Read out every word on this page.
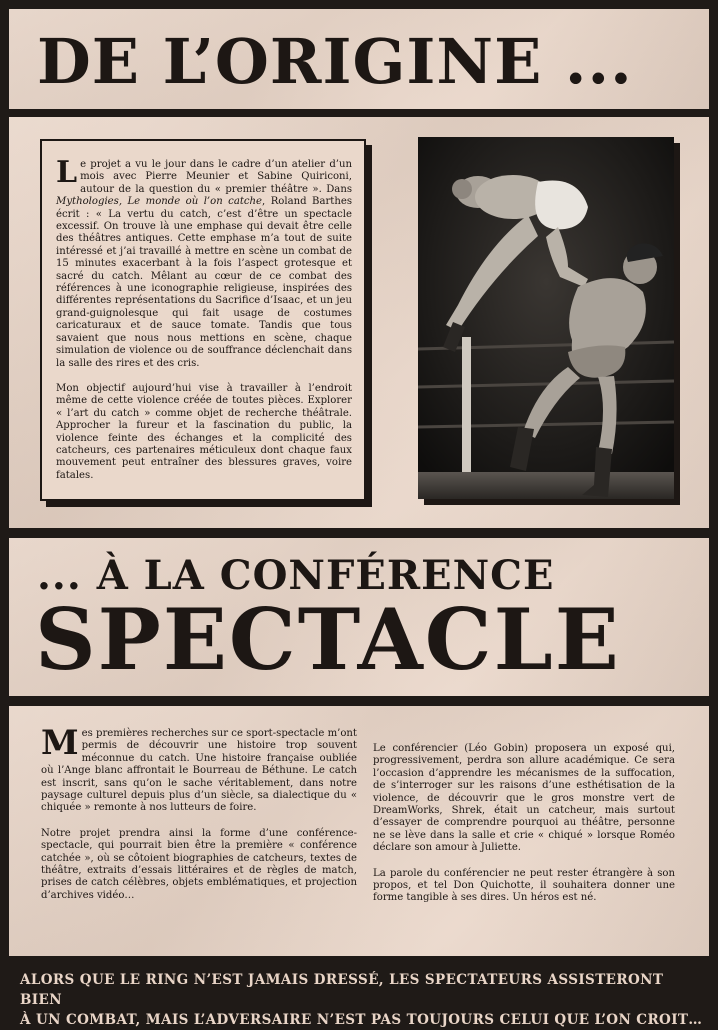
DE L’ORIGINE ...

Le projet a vu le jour dans le cadre d’un atelier d’un mois avec Pierre Meunier et Sabine Quiriconi, autour de la question du « premier théâtre ». Dans Mythologies, Le monde où l’on catche, Roland Barthes écrit : « La vertu du catch, c’est d’être un spectacle excessif. On trouve là une emphase qui devait être celle des théâtres antiques. Cette emphase m’a tout de suite intéressé et j’ai travaillé à mettre en scène un combat de 15 minutes exacerbant à la fois l’aspect grotesque et sacré du catch. Mêlant au cœur de ce combat des références à une iconographie religieuse, inspirées des différentes représentations du Sacrifice d’Isaac, et un jeu grand-guignolesque qui fait usage de costumes caricaturaux et de sauce tomate. Tandis que tous savaient que nous nous mettions en scène, chaque simulation de violence ou de souffrance déclenchait dans la salle des rires et des cris.

Mon objectif aujourd’hui vise à travailler à l’endroit même de cette violence créée de toutes pièces. Explorer « l’art du catch » comme objet de recherche théâtrale. Approcher la fureur et la fascination du public, la violence feinte des échanges et la complicité des catcheurs, ces partenaires méticuleux dont chaque faux mouvement peut entraîner des blessures graves, voire fatales.

... À LA CONFÉRENCE
SPECTACLE

Mes premières recherches sur ce sport-spectacle m’ont permis de découvrir une histoire trop souvent méconnue du catch. Une histoire française oubliée où l’Ange blanc affrontait le Bourreau de Béthune. Le catch est inscrit, sans qu’on le sache véritablement, dans notre paysage culturel depuis plus d’un siècle, sa dialectique du « chiquée » remonte à nos lutteurs de foire.

Notre projet prendra ainsi la forme d’une conférence-spectacle, qui pourrait bien être la première « conférence catchée », où se côtoient biographies de catcheurs, textes de théâtre, extraits d’essais littéraires et de règles de match, prises de catch célèbres, objets emblématiques, et projection d’archives vidéo…

Le conférencier (Léo Gobin) proposera un exposé qui, progressivement, perdra son allure académique. Ce sera l’occasion d’apprendre les mécanismes de la suffocation, de s’interroger sur les raisons d’une esthétisation de la violence, de découvrir que le gros monstre vert de DreamWorks, Shrek, était un catcheur, mais surtout d’essayer de comprendre pourquoi au théâtre, personne ne se lève dans la salle et crie « chiqué » lorsque Roméo déclare son amour à Juliette.

La parole du conférencier ne peut rester étrangère à son propos, et tel Don Quichotte, il souhaitera donner une forme tangible à ses dires. Un héros est né.

ALORS QUE LE RING N’EST JAMAIS DRESSÉ, LES SPECTATEURS ASSISTERONT BIEN
À UN COMBAT, MAIS L’ADVERSAIRE N’EST PAS TOUJOURS CELUI QUE L’ON CROIT…
